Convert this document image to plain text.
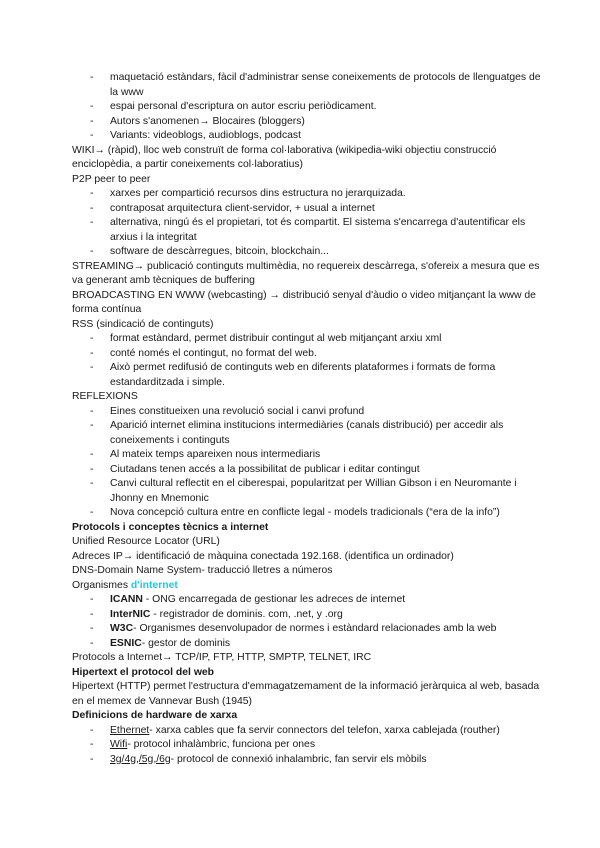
- maquetació estàndars, fàcil d'administrar sense coneixements de protocols de llenguatges de la www
- espai personal d'escriptura on autor escriu periòdicament.
- Autors s'anomenen→ Blocaires (bloggers)
- Variants: videoblogs, audioblogs, podcast
WIKI→ (ràpid), lloc web construït de forma col·laborativa (wikipedia-wiki objectiu construcció enciclopèdia, a partir coneixements col·laboratius)
P2P peer to peer
- xarxes per compartició recursos dins estructura no jerarquizada.
- contraposat arquitectura client-servidor, + usual a internet
- alternativa, ningú és el propietari, tot és compartit. El sistema s'encarrega d'autentificar els arxius i la integritat
- software de descàrregues, bitcoin, blockchain...
STREAMING→ publicació continguts multimèdia, no requereix descàrrega, s'ofereix a mesura que es va generant amb tècniques de buffering
BROADCASTING EN WWW (webcasting) → distribució senyal d'àudio o video mitjançant la www de forma contínua
RSS (sindicació de continguts)
- format estàndard, permet distribuir contingut al web mitjançant arxiu xml
- conté només el contingut, no format del web.
- Això permet redifusió de continguts web en diferents plataformes i formats de forma estandarditzada i simple.
REFLEXIONS
- Eines constitueixen una revolució social i canvi profund
- Aparició internet elimina institucions intermediàries (canals distribució) per accedir als coneixements i continguts
- Al mateix temps apareixen nous intermediaris
- Ciutadans tenen accés a la possibilitat de publicar i editar contingut
- Canvi cultural reflectit en el ciberespai, popularitzat per Willian Gibson i en Neuromante i Jhonny en Mnemonic
- Nova concepció cultura entre en conflicte legal - models tradicionals (“era de la info”)
Protocols i conceptes tècnics a internet
Unified Resource Locator (URL)
Adreces IP→ identificació de màquina conectada 192.168. (identifica un ordinador)
DNS-Domain Name System- traducció lletres a números
Organismes d'internet
- ICANN - ONG encarregada de gestionar les adreces de internet
- InterNIC - registrador de dominis. com, .net, y .org
- W3C- Organismes desenvolupador de normes i estàndard relacionades amb la web
- ESNIC- gestor de dominis
Protocols a Internet→ TCP/IP, FTP, HTTP, SMPTP, TELNET, IRC
Hipertext el protocol del web
Hipertext (HTTP) permet l'estructura d'emmagatzemament de la informació jeràrquica al web, basada en el memex de Vannevar Bush (1945)
Definicions de hardware de xarxa
- Ethernet- xarxa cables que fa servir connectors del telefon, xarxa cablejada (routher)
- Wifi- protocol inhalàmbric, funciona per ones
- 3g/4g,/5g,/6g- protocol de connexió inhalambric, fan servir els mòbils
